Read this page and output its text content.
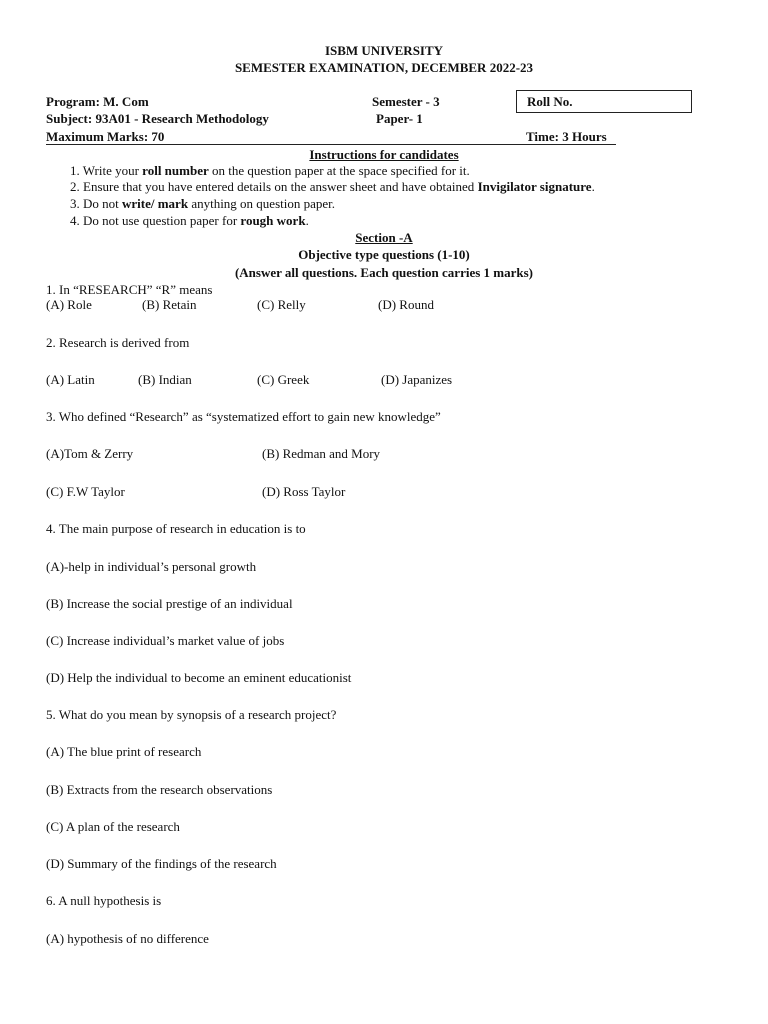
ISBM UNIVERSITY
SEMESTER EXAMINATION, DECEMBER 2022-23
Program: M. Com	Semester - 3	Roll No.
Subject: 93A01 - Research Methodology	Paper- 1
Maximum Marks: 70	Time: 3 Hours
Instructions for candidates
1. Write your roll number on the question paper at the space specified for it.
2. Ensure that you have entered details on the answer sheet and have obtained Invigilator signature.
3. Do not write/ mark anything on question paper.
4. Do not use question paper for rough work.
Section -A
Objective type questions (1-10)
(Answer all questions. Each question carries 1 marks)
1. In “RESEARCH” “R” means
(A) Role	(B) Retain	(C) Relly	(D) Round
2. Research is derived from
(A) Latin	(B) Indian	(C) Greek	(D) Japanizes
3. Who defined “Research” as “systematized effort to gain new knowledge”
(A)Tom & Zerry	(B) Redman and Mory
(C) F.W Taylor	(D) Ross Taylor
4. The main purpose of research in education is to
(A)-help in individual’s personal growth
(B) Increase the social prestige of an individual
(C) Increase individual’s market value of jobs
(D) Help the individual to become an eminent educationist
5. What do you mean by synopsis of a research project?
(A) The blue print of research
(B) Extracts from the research observations
(C) A plan of the research
(D) Summary of the findings of the research
6. A null hypothesis is
(A) hypothesis of no difference
